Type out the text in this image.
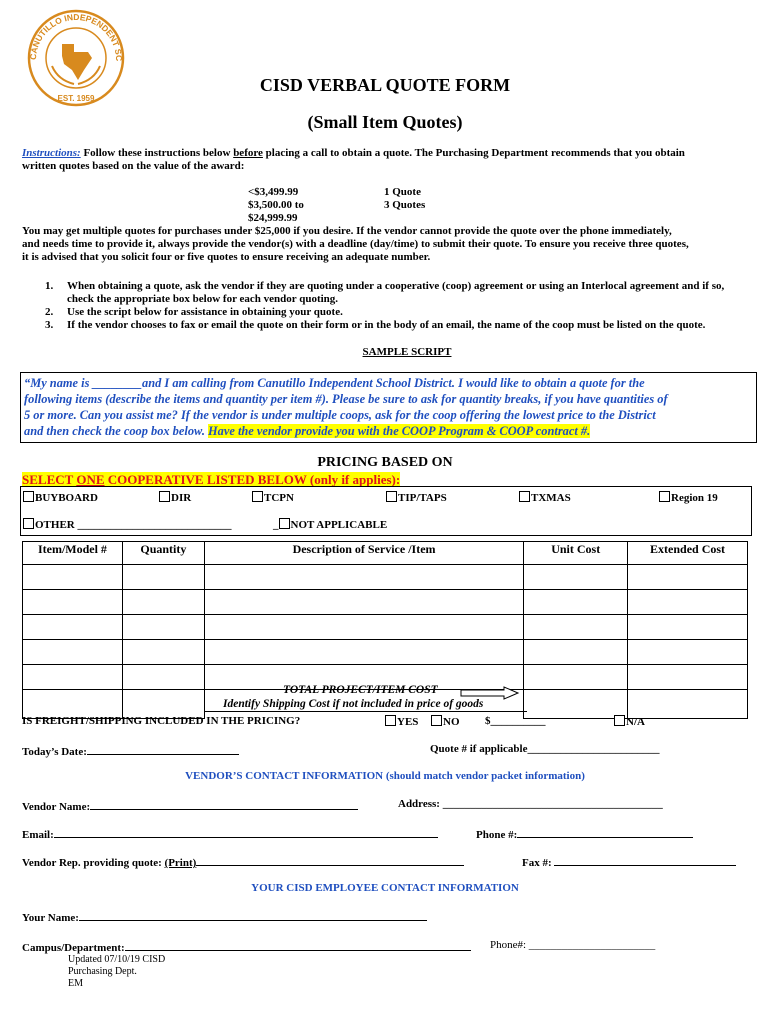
CANUTILLO INDEPENDENT SC
EST. 1959
CISD VERBAL QUOTE FORM
(Small Item Quotes)
Instructions: Follow these instructions below before placing a call to obtain a quote. The Purchasing Department recommends that you obtain
written quotes based on the value of the award:
<$3,499.99	1 Quote
$3,500.00 to	3 Quotes
$24,999.99
You may get multiple quotes for purchases under $25,000 if you desire. If the vendor cannot provide the quote over the phone immediately,
and needs time to provide it, always provide the vendor(s) with a deadline (day/time) to submit their quote. To ensure you receive three quotes,
it is advised that you solicit four or five quotes to ensure receiving an adequate number.
1. When obtaining a quote, ask the vendor if they are quoting under a cooperative (coop) agreement or using an Interlocal agreement and if so,
check the appropriate box below for each vendor quoting.
2. Use the script below for assistance in obtaining your quote.
3. If the vendor chooses to fax or email the quote on their form or in the body of an email, the name of the coop must be listed on the quote.
SAMPLE SCRIPT
“My name is ________and I am calling from Canutillo Independent School District. I would like to obtain a quote for the
following items (describe the items and quantity per item #). Please be sure to ask for quantity breaks, if you have quantities of
5 or more. Can you assist me? If the vendor is under multiple coops, ask for the coop offering the lowest price to the District
and then check the coop box below. Have the vendor provide you with the COOP Program & COOP contract #.
PRICING BASED ON
SELECT ONE COOPERATIVE LISTED BELOW (only if applies):
BUYBOARD	DIR	TCPN	TIP/TAPS	TXMAS	Region 19
OTHER ____________________________	_ NOT APPLICABLE
Item/Model #	Quantity	Description of Service /Item	Unit Cost	Extended Cost

TOTAL PROJECT/ITEM COST
Identify Shipping Cost if not included in price of goods
IS FREIGHT/SHIPPING INCLUDED IN THE PRICING?	YES	NO $__________	N/A
Today’s Date:	Quote # if applicable________________________
VENDOR’S CONTACT INFORMATION (should match vendor packet information)
Vendor Name:	Address: ________________________________________
Email:	Phone #:
Vendor Rep. providing quote: (Print)	Fax #:
YOUR CISD EMPLOYEE CONTACT INFORMATION
Your Name:
Campus/Department:	Phone#: _______________________
Updated 07/10/19 CISD
Purchasing Dept.
EM
